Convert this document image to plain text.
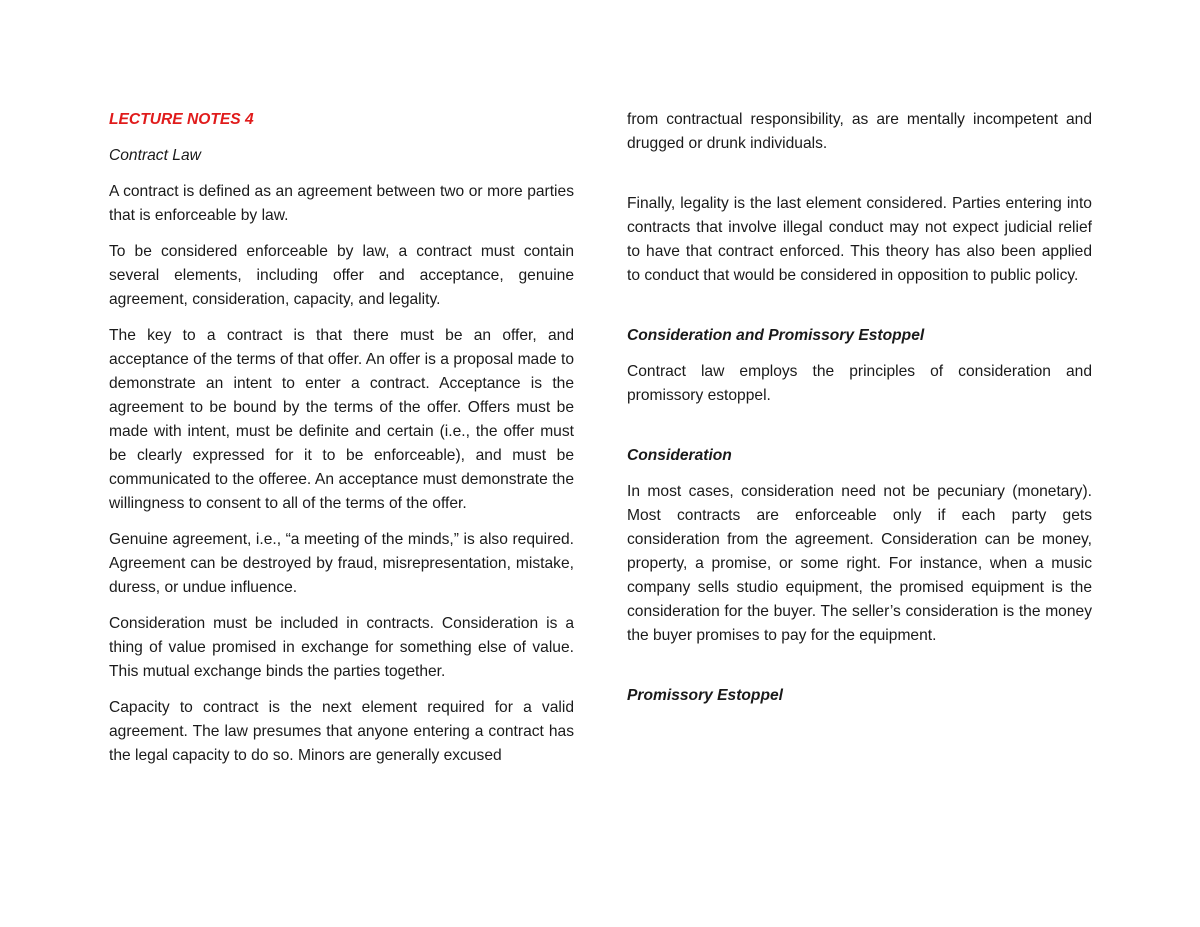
LECTURE NOTES 4

Contract Law

A contract is defined as an agreement between two or more parties that is enforceable by law.

To be considered enforceable by law, a contract must contain several elements, including offer and acceptance, genuine agreement, consideration, capacity, and legality.

The key to a contract is that there must be an offer, and acceptance of the terms of that offer. An offer is a proposal made to demonstrate an intent to enter a contract. Acceptance is the agreement to be bound by the terms of the offer. Offers must be made with intent, must be definite and certain (i.e., the offer must be clearly expressed for it to be enforceable), and must be communicated to the offeree. An acceptance must demonstrate the willingness to consent to all of the terms of the offer.

Genuine agreement, i.e., “a meeting of the minds,” is also required. Agreement can be destroyed by fraud, misrepresentation, mistake, duress, or undue influence.

Consideration must be included in contracts. Consideration is a thing of value promised in exchange for something else of value. This mutual exchange binds the parties together.

Capacity to contract is the next element required for a valid agreement. The law presumes that anyone entering a contract has the legal capacity to do so. Minors are generally excused

from contractual responsibility, as are mentally incompetent and drugged or drunk individuals.

Finally, legality is the last element considered. Parties entering into contracts that involve illegal conduct may not expect judicial relief to have that contract enforced. This theory has also been applied to conduct that would be considered in opposition to public policy.

Consideration and Promissory Estoppel

Contract law employs the principles of consideration and promissory estoppel.

Consideration

In most cases, consideration need not be pecuniary (monetary). Most contracts are enforceable only if each party gets consideration from the agreement. Consideration can be money, property, a promise, or some right. For instance, when a music company sells studio equipment, the promised equipment is the consideration for the buyer. The seller’s consideration is the money the buyer promises to pay for the equipment.

Promissory Estoppel
